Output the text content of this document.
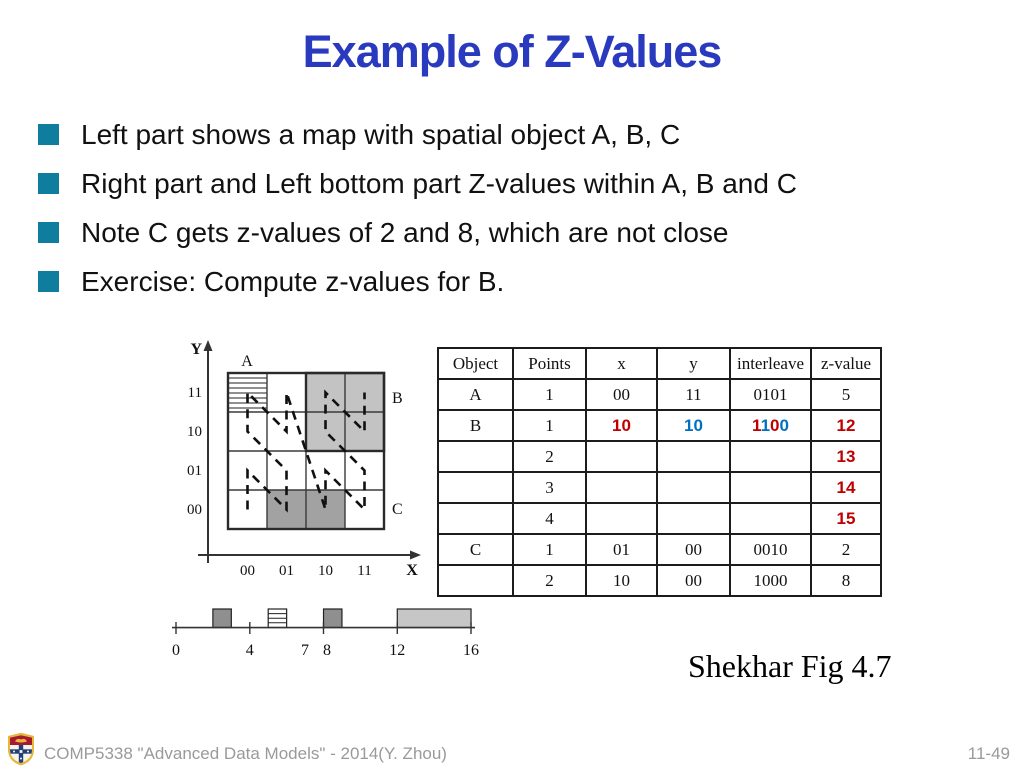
Example of Z-Values
Left part shows a map with spatial object A, B, C
Right part and Left bottom part Z-values within A, B and C
Note C gets z-values of 2 and 8, which are not close
Exercise: Compute z-values for B.
Y
X
A
B
C
11
10
01
00
00 01 10 11
0	4	7 8	12	16
Object	Points	x	y	interleave	z-value
A	1	00	11	0101	5
B	1	10	10	1100	12
	2				13
	3				14
	4				15
C	1	01	00	0010	2
	2	10	00	1000	8
Shekhar Fig 4.7
COMP5338 "Advanced Data Models" - 2014(Y. Zhou)	11-49
